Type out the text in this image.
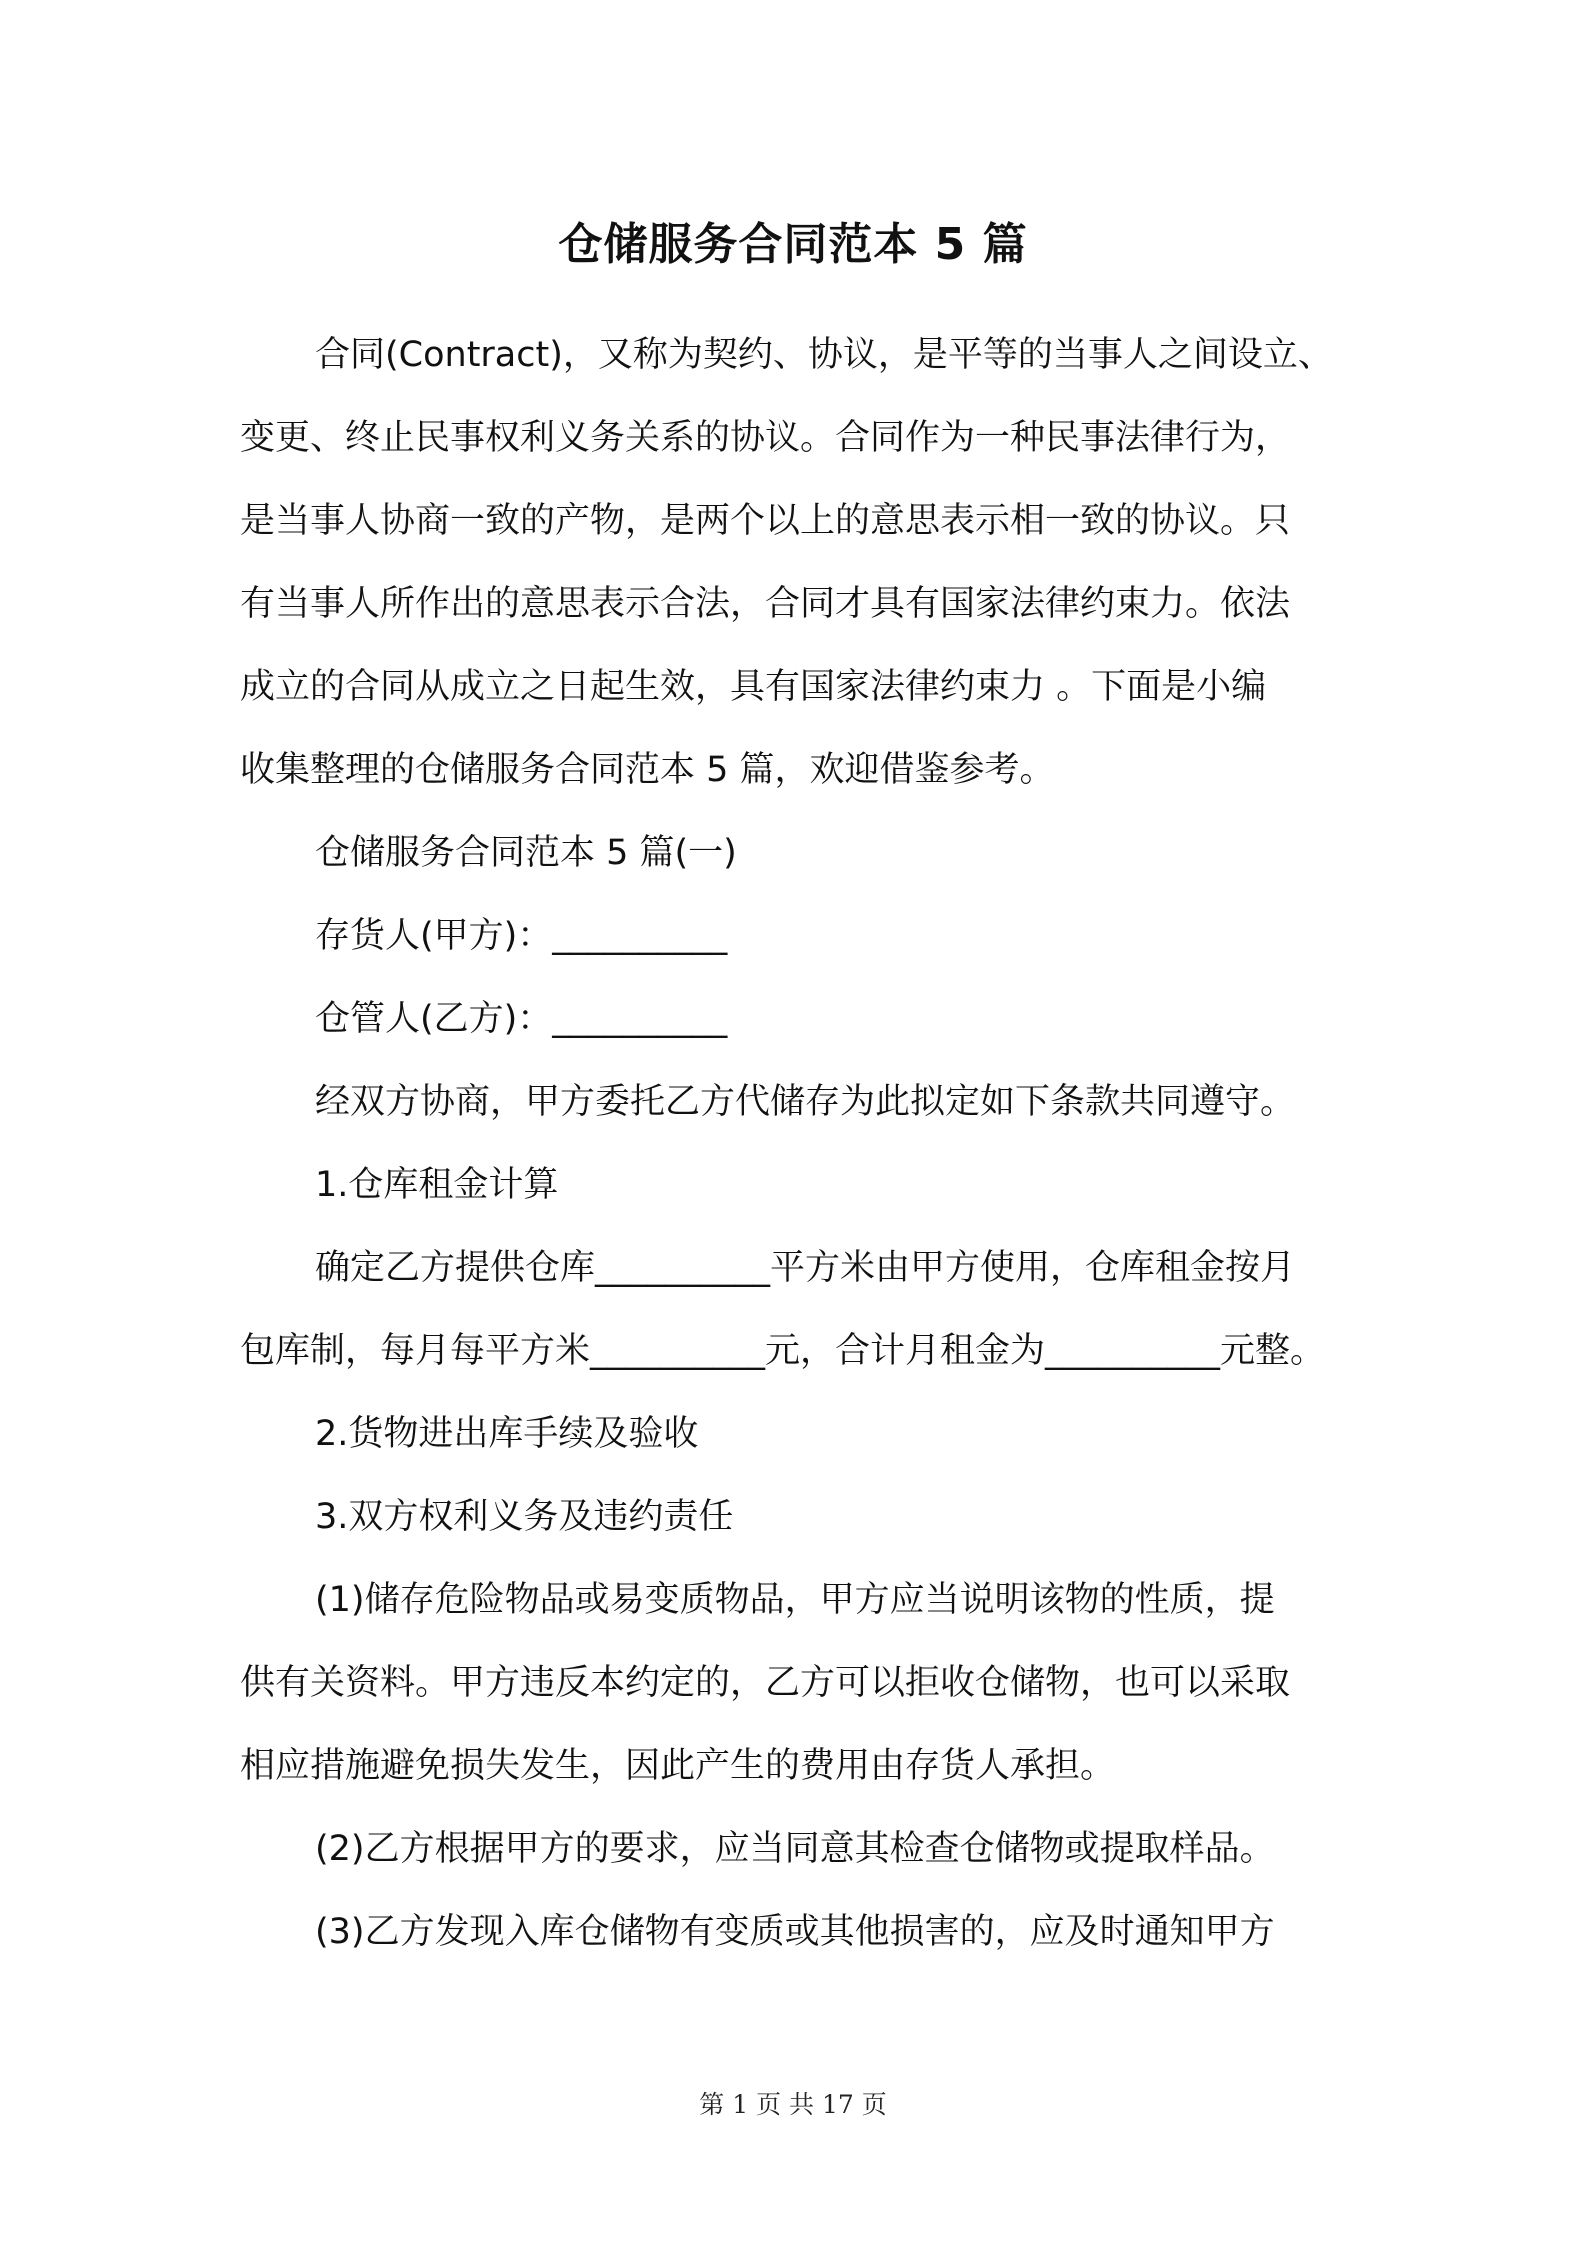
仓储服务合同范本 5 篇
合同(Contract)，又称为契约、协议，是平等的当事人之间设立、
变更、终止民事权利义务关系的协议。合同作为一种民事法律行为，
是当事人协商一致的产物，是两个以上的意思表示相一致的协议。只
有当事人所作出的意思表示合法，合同才具有国家法律约束力。依法
成立的合同从成立之日起生效，具有国家法律约束力 。下面是小编
收集整理的仓储服务合同范本 5 篇，欢迎借鉴参考。
仓储服务合同范本 5 篇(一)
存货人(甲方)：__________
仓管人(乙方)：__________
经双方协商，甲方委托乙方代储存为此拟定如下条款共同遵守。
1.仓库租金计算
确定乙方提供仓库__________平方米由甲方使用，仓库租金按月
包库制，每月每平方米__________元，合计月租金为__________元整。
2.货物进出库手续及验收
3.双方权利义务及违约责任
(1)储存危险物品或易变质物品，甲方应当说明该物的性质，提
供有关资料。甲方违反本约定的，乙方可以拒收仓储物，也可以采取
相应措施避免损失发生，因此产生的费用由存货人承担。
(2)乙方根据甲方的要求，应当同意其检查仓储物或提取样品。
(3)乙方发现入库仓储物有变质或其他损害的，应及时通知甲方
第 1 页 共 17 页
